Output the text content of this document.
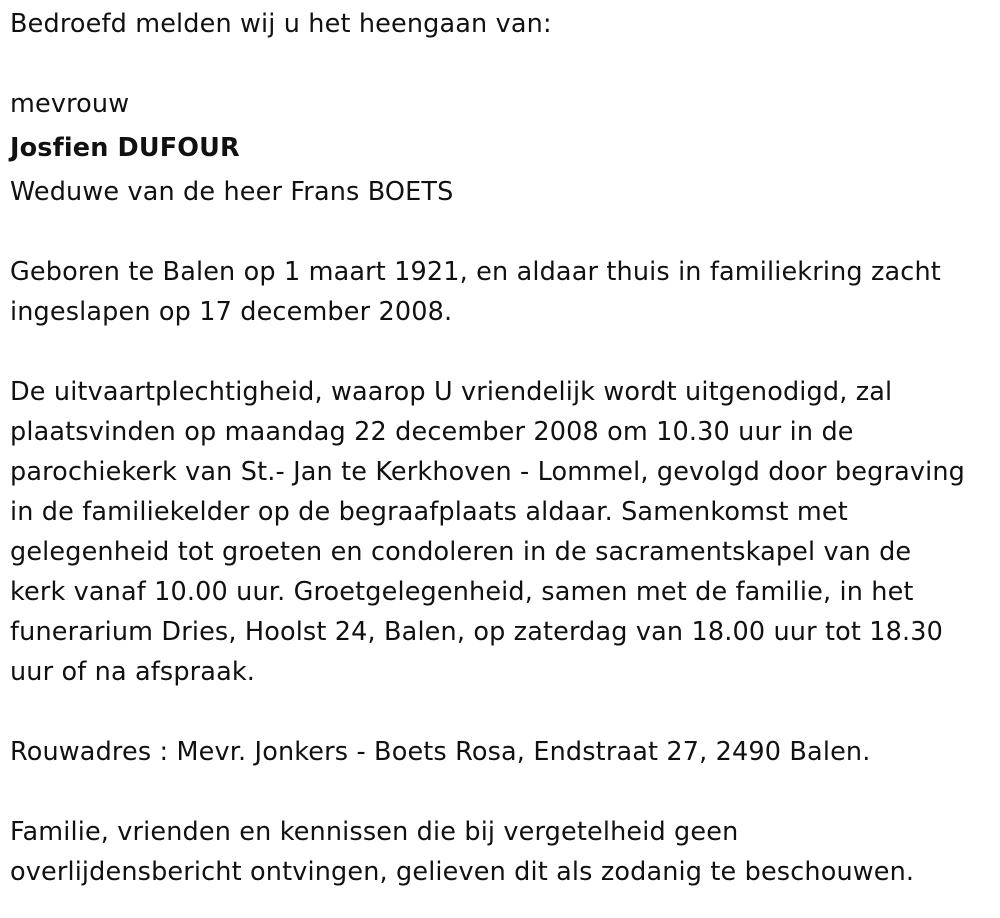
Bedroefd melden wij u het heengaan van:
mevrouw
Josfien DUFOUR
Weduwe van de heer Frans BOETS
Geboren te Balen op 1 maart 1921, en aldaar thuis in familiekring zacht
ingeslapen op 17 december 2008.
De uitvaartplechtigheid, waarop U vriendelijk wordt uitgenodigd, zal
plaatsvinden op maandag 22 december 2008 om 10.30 uur in de
parochiekerk van St.- Jan te Kerkhoven - Lommel, gevolgd door begraving
in de familiekelder op de begraafplaats aldaar. Samenkomst met
gelegenheid tot groeten en condoleren in de sacramentskapel van de
kerk vanaf 10.00 uur. Groetgelegenheid, samen met de familie, in het
funerarium Dries, Hoolst 24, Balen, op zaterdag van 18.00 uur tot 18.30
uur of na afspraak.
Rouwadres : Mevr. Jonkers - Boets Rosa, Endstraat 27, 2490 Balen.
Familie, vrienden en kennissen die bij vergetelheid geen
overlijdensbericht ontvingen, gelieven dit als zodanig te beschouwen.
